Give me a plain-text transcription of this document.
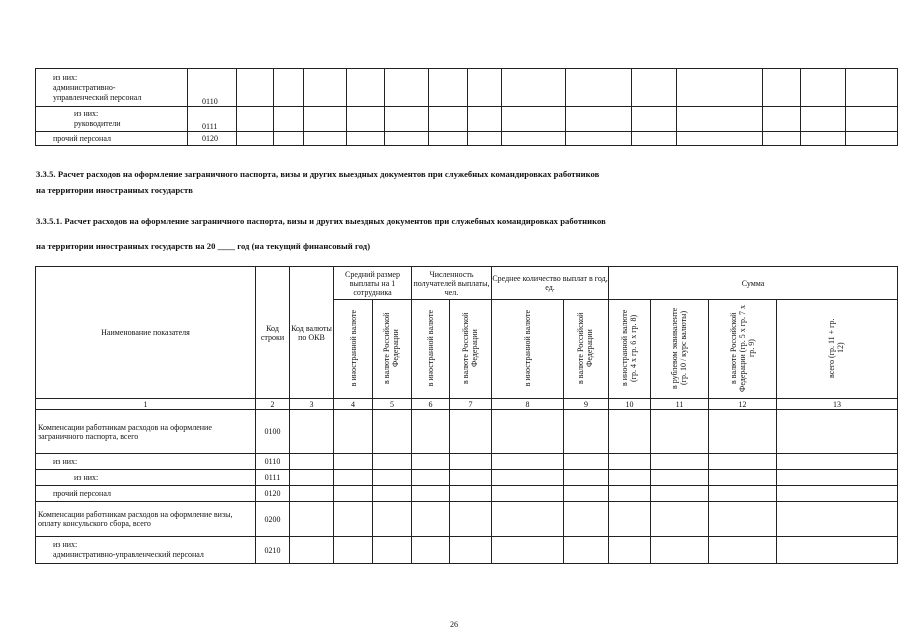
из них:
административно-
управленческий персонал	0110														

из них:
руководители	0111														
прочий персонал	0120														
3.3.5. Расчет расходов на оформление заграничного паспорта, визы и других выездных документов при служебных командировках работников
на территории иностранных государств
3.3.5.1. Расчет расходов на оформление заграничного паспорта, визы и других выездных документов при служебных командировках работников
на территории иностранных государств на 20 ____ год (на текущий финансовый год)
Наименование показателя	Код строки	Код валюты по ОКВ	Средний размер выплаты на 1 сотрудника		Численность получателей выплаты, чел.		Среднее количество выплат в год, ед.		Сумма			
			в иностранной валюте	в валюте Российской Федерации	в иностранной валюте	в валюте Российской Федерации	в иностранной валюте	в валюте Российской Федерации	в иностранной валюте (гр. 4 х гр. 6 х гр. 8)	в рублевом эквиваленте (гр. 10 / курс валюты)	в валюте Российской Федерации (гр. 5 х гр. 7 х гр. 9)	всего (гр. 11 + гр. 12)
1	2	3	4	5	6	7	8	9	10	11	12	13
Компенсации работникам расходов на оформление заграничного паспорта, всего	0100											
из них:	0110											
из них:	0111											
прочий персонал	0120											
Компенсации работникам расходов на оформление визы, оплату консульского сбора, всего	0200											

из них:
административно-управленческий персонал	0210											
26
